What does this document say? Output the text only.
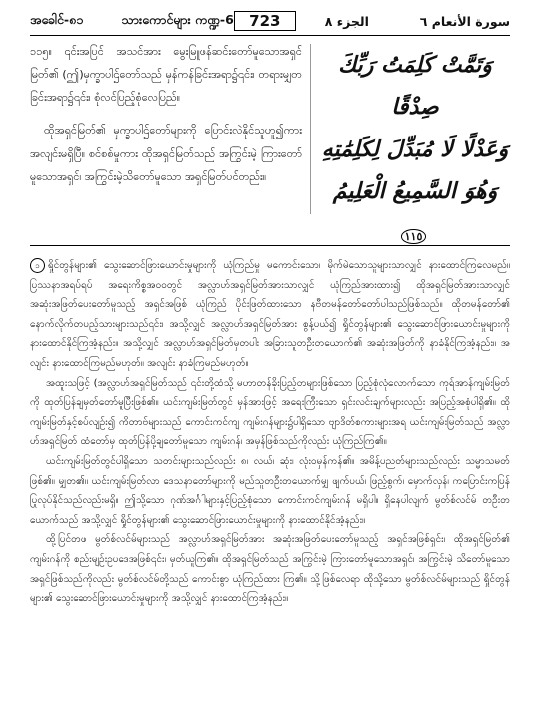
အခေါင်-၈၁	သားကောင်များ ကဏ္ဍ-6	723	الجزء ٨	سورة الأنعام ٦

၁၁၅။ ၎င်းအပြင် အသင်အား မွေးမြူဖန်ဆင်းတော်မူသောအရှင်မြတ်၏ (ဤ)မှက္ခာပါဌ်တော်သည် မှန်ကန်ခြင်းအရာ၌၎င်း၊ တရားမျှတခြင်းအရာ၌၎င်း၊ စုံလင်ပြည့်စုံလေပြည်။

ထိုအရှင်မြတ်၏ မှက္ခာပါဌ်တော်များကို ပြောင်းလဲနိုင်သူဟူ၍ကားအလျင်းမရှိပြီ။ စင်စစ်မှုကား ထိုအရှင်မြတ်သည် အကြွင်းမဲ့ ကြားတော်မူသောအရှင်၊ အကြွင်းမဲ့သိတော်မူသော အရှင်မြတ်ပင်တည်း။

وَتَمَّتْ كَلِمَتُ رَبِّكَ صِدْقًا
وَعَدْلًا لَا مُبَدِّلَ لِكَلِمَٰتِهِ
وَهُوَ السَّمِيعُ الْعَلِيمُ ١١٥

၁ ရှိုင်တွန်များ၏ သွေးဆောင်ဖြားယောင်းမှုများကို ယုံကြည်မှု မကောင်းသော၊ မိုက်မဲသောသူများသာလျှင် နားထောင်ကြလေမည်။ ပြဿနာအရပ်ရပ် အရေးကိစ္စအဝဝတွင် အလ္လာဟ်အရှင်မြတ်အားသာလျှင် ယုံကြည်အားထား၍ ထိုအရှင်မြတ်အားသာလျှင် အဆုံးအဖြတ်ပေးတော်မူသည့် အရှင်အဖြစ် ယုံကြည် ပိုင်းဖြတ်ထားသော နဗီတမန်တော်တော်ပါသည်ဖြစ်သည်။ ထိုတမန်တော်၏ နောက်လိုက်တပည့်သားများသည်၎င်း၊ အသို့လျှင် အလ္လာဟ်အရှင်မြတ်အား စွန့်ပယ်၍ ရှိုင်တွန်များ၏ သွေးဆောင်ဖြားယောင်းမှုများကို နားထောင်နိုင်ကြအံ့နည်း။ အသို့လျှင် အလ္လာဟ်အရှင်မြတ်မှတပါး အခြားသူတဦးတယောက်၏ အဆုံးအဖြတ်ကို နာခံနိုင်ကြအံ့နည်း။ အလျင်း နားထောင်ကြမည်မဟုတ်။ အလျင်း နာခံကြမည်မဟုတ်။

အထူးသဖြင့် (အလ္လာဟ်အရှင်မြတ်သည် ၎င်းတို့ထံသို့ မဟာတန်ခိုးပြည့်ဝာများဖြစ်သော ပြည့်စုံလုံလောက်သော ကုရ်အာန်ကျမ်းမြတ်ကို ထုတ်ပြန်ချမှတ်တော်မူပြီးဖြစ်၏။ ယင်းကျမ်းမြတ်တွင် မှန်အားဖြင့် အရေးကြီးသော ရှင်းလင်းချက်များလည်း အပြည့်အစုံပါရှိ၏။ ထိုကျမ်းမြတ်နှင့်စပ်လျဉ်း၍ ကိတာဗ်များသည် ကောင်းကင်ကျ ကျမ်းဂန်များ၌ပါရှိသော ဗျာဒိတ်စကားများအရ ယင်းကျမ်းမြတ်သည် အလ္လာဟ်အရှင်မြတ် ထံတော်မှ ထုတ်ပြန်ပို့ချတော်မူသော ကျမ်းဂန်၊ အမှန်ဖြစ်သည်ကိုလည်း ယုံကြည်ကြ၏။

ယင်းကျမ်းမြတ်တွင်ပါရှိသော သတင်းများသည်လည်း ၈၊ လယ်၊ ဆုံး၊ လုံးဝမှန်ကန်၏။ အမိန့်ပညတ်များသည်လည်း သမ္မာသမတ်ဖြစ်၏။ မျှတ၏။ ယင်းကျမ်းမြတ်လာ ဒေသနာတော်များကို မည်သူတဦးတယောက်မျှ ဖျက်ပယ်၊ ဖြည့်စွက်၊ မှောက်လှန်၊ ကပြောင်းကပြန် ပြုလုပ်နိုင်သည်လည်းမရှိ။ ဤသို့သော ဂုဏ်အင်္ဂါများနှင့်ပြည့်စုံသော ကောင်းကင်ကျမ်းဂန် မရှိပါ။ ရှိနေပါလျက် မွတ်စ်လင်မ် တဦးတယောက်သည် အသို့လျှင် ရှိုင်တွန်များ၏ သွေးဆောင်ဖြားယောင်းမှုများကို နားထောင်နိုင်အံ့နည်း။

ထို့ပြင်တဖ မွတ်စ်လင်မ်များသည် အလ္လာဟ်အရှင်မြတ်အား အဆုံးအဖြတ်ပေးတော်မူသည့် အရှင်အဖြစ်ရှင်း၊ ထိုအရှင်မြတ်၏ ကျမ်းဂန်ကို စည်းမျဉ်းဥပဒေအဖြစ်၎င်း၊ မှတ်ယူကြ၏။ ထိုအရှင်မြတ်သည် အကြွင်းမဲ့ ကြားတော်မူသောအရှင်၊ အကြွင်းမဲ့ သိတော်မူသောအရှင်ဖြစ်သည်ကိုလည်း မွတ်စ်လင်မ်တို့သည် ကောင်းစွာ ယုံကြည်ထား ကြ၏။ သို့ဖြစ်လေရာ ထိုသို့သော မွတ်စ်လင်မ်များသည် ရှိုင်တွန်များ၏ သွေးဆောင်ဖြားယောင်းမှုများကို အသို့လျှင် နားထောင်ကြအံ့နည်း။
